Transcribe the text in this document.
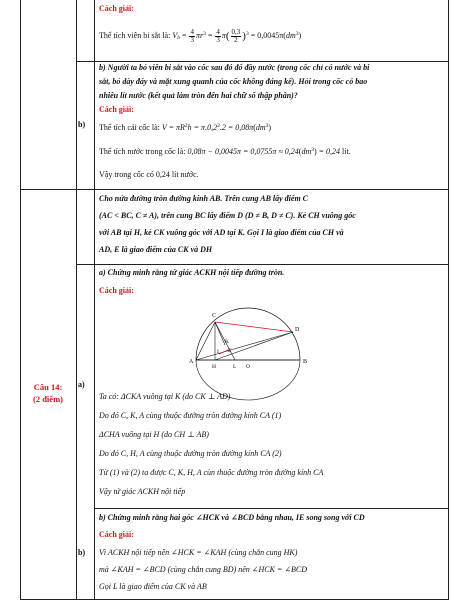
Cách giải:
Thể tích viên bi sắt là: $V_b = \frac{4}{3} \pi r^3 = \frac{4}{3} \pi( \frac{0,3}{2} )^3 = 0,0045\pi(dm^3)$
b)
b) Người ta bỏ viên bi sắt vào cốc sau đó đổ đầy nước (trong cốc chỉ có nước và bi
sắt, bỏ dày đáy và mặt xung quanh của cốc không đáng kể). Hỏi trong cốc có bao
nhiêu lít nước (kết quả làm tròn đến hai chữ số thập phân)?
Cách giải:
Thể tích cái cốc là: $V = \pi R^2h = \pi.0,2^2.2 = 0,08\pi(dm^3)$
Thể tích nước trong cốc là: $0,08\pi - 0,0045\pi = 0,0755\pi \approx 0,24(dm^3) = 0,24$ lít.
Vậy trong cốc có 0,24 lít nước.
Cho nửa đường tròn đường kính AB. Trên cung AB lấy điểm C
(AC < BC, C ≠ A), trên cung BC lấy điểm D (D ≠ B, D ≠ C). Kẻ CH vuông góc
với AB tại H, kẻ CK vuông góc với AD tại K. Gọi I là giao điểm của CH và
AD, E là giao điểm của CK và DH
Câu 14:
(2 điểm)
a)
a) Chứng minh rằng tứ giác ACKH nội tiếp đường tròn.
Cách giải:
C
D
K
I E
A	B
H	L O
Ta có: ΔCKA vuông tại K (do CK ⊥ AD)
Do đó C, K, A cùng thuộc đường tròn đường kính CA (1)
ΔCHA vuông tại H (do CH ⊥ AB)
Do đó C, H, A cùng thuộc đường tròn đường kính CA (2)
Từ (1) và (2) ta được C, K, H, A cùn thuộc đường tròn đường kính CA
Vậy tứ giác ACKH nội tiếp
b)
b) Chứng minh rằng hai góc ∠HCK và ∠BCD bằng nhau, IE song song với CD
Cách giải:
Vì ACKH nội tiếp nên ∠HCK = ∠KAH (cùng chắn cung HK)
mà ∠KAH = ∠BCD (cùng chắn cung BD) nên ∠HCK = ∠BCD
Gọi L là giao điểm của CK và AB
